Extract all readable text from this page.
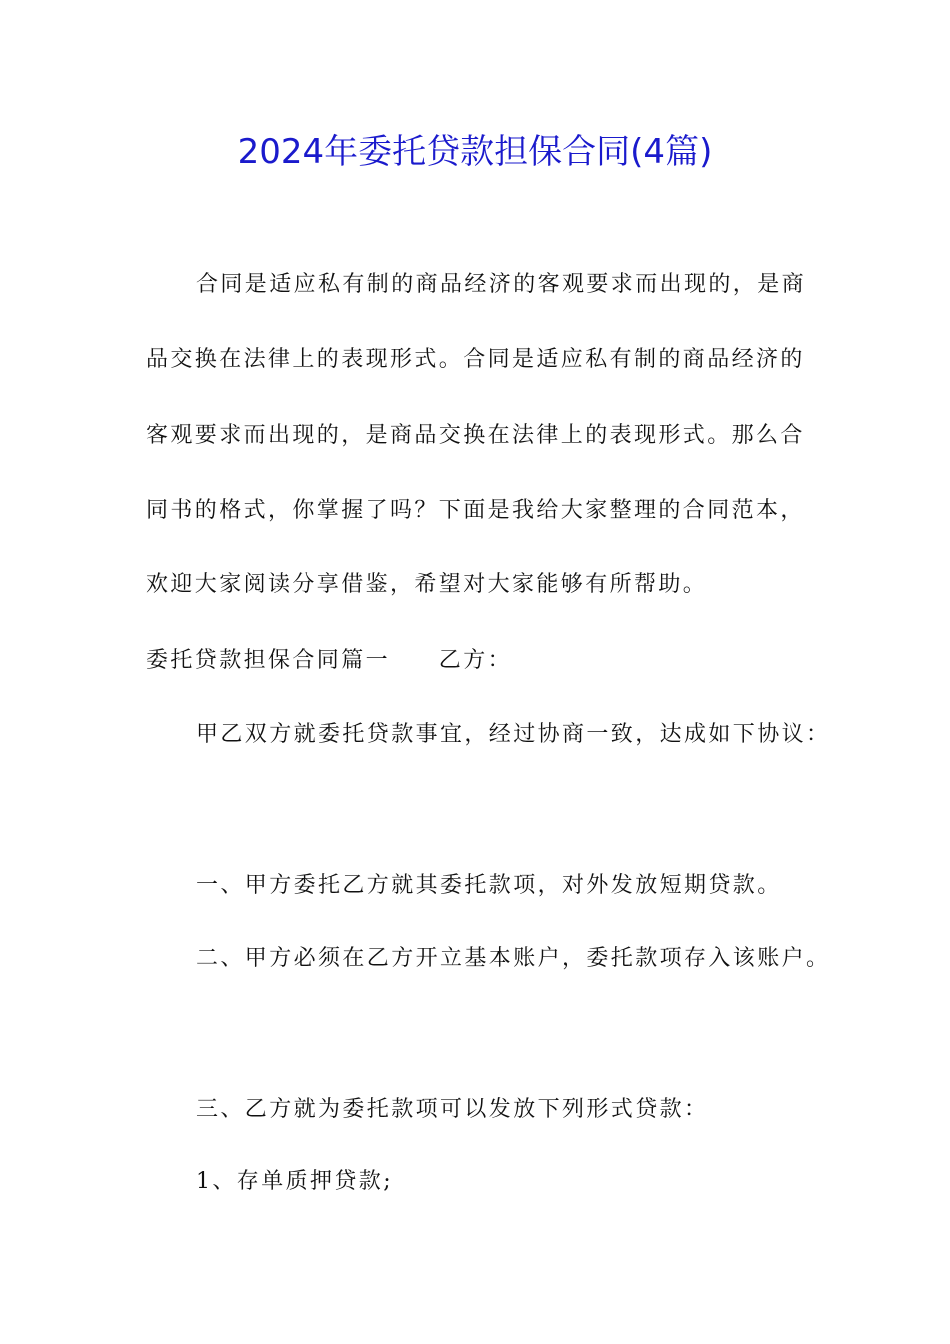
2024年委托贷款担保合同(4篇)
合同是适应私有制的商品经济的客观要求而出现的，是商
品交换在法律上的表现形式。合同是适应私有制的商品经济的
客观要求而出现的，是商品交换在法律上的表现形式。那么合
同书的格式，你掌握了吗？下面是我给大家整理的合同范本，
欢迎大家阅读分享借鉴，希望对大家能够有所帮助。
委托贷款担保合同篇一　　乙方：
甲乙双方就委托贷款事宜，经过协商一致，达成如下协议：
一、甲方委托乙方就其委托款项，对外发放短期贷款。
二、甲方必须在乙方开立基本账户，委托款项存入该账户。
三、乙方就为委托款项可以发放下列形式贷款：
1、存单质押贷款;
